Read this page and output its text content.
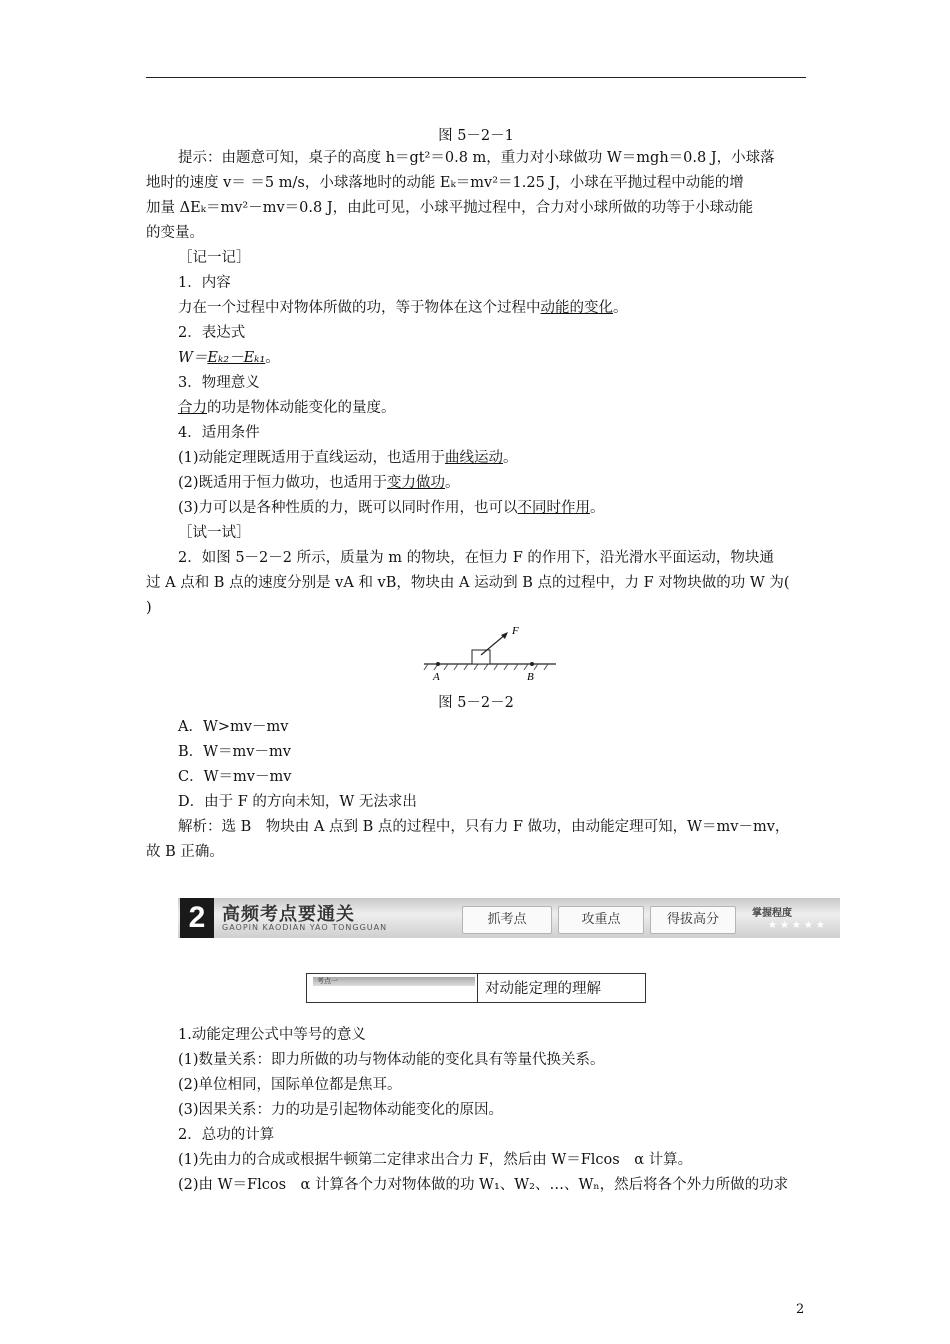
图 5－2－1
提示：由题意可知，桌子的高度 h＝gt²＝0.8 m，重力对小球做功 W＝mgh＝0.8 J，小球落
地时的速度 v＝ ＝5 m/s，小球落地时的动能 Eₖ＝mv²＝1.25 J，小球在平抛过程中动能的增
加量 ΔEₖ＝mv²－mv＝0.8 J，由此可见，小球平抛过程中，合力对小球所做的功等于小球动能
的变量。
［记一记］
1．内容
力在一个过程中对物体所做的功，等于物体在这个过程中动能的变化。
2．表达式
W＝Eₖ₂－Eₖ₁。
3．物理意义
合力的功是物体动能变化的量度。
4．适用条件
(1)动能定理既适用于直线运动，也适用于曲线运动。
(2)既适用于恒力做功，也适用于变力做功。
(3)力可以是各种性质的力，既可以同时作用，也可以不同时作用。
［试一试］
2．如图 5－2－2 所示，质量为 m 的物块，在恒力 F 的作用下，沿光滑水平面运动，物块通
过 A 点和 B 点的速度分别是 vA 和 vB，物块由 A 运动到 B 点的过程中，力 F 对物块做的功 W 为(
)
F
A	B
图 5－2－2
A．W>mv－mv
B．W＝mv－mv
C．W＝mv－mv
D．由于 F 的方向未知，W 无法求出
解析：选 B　物块由 A 点到 B 点的过程中，只有力 F 做功，由动能定理可知，W＝mv－mv，
故 B 正确。
2 高频考点要通关
GAOPIN KAODIAN YAO TONGGUAN
抓考点	攻重点	得拔高分	掌握程度
★★★★★
考点一	对动能定理的理解
1.动能定理公式中等号的意义
(1)数量关系：即力所做的功与物体动能的变化具有等量代换关系。
(2)单位相同，国际单位都是焦耳。
(3)因果关系：力的功是引起物体动能变化的原因。
2．总功的计算
(1)先由力的合成或根据牛顿第二定律求出合力 F，然后由 W＝Flcos　α 计算。
(2)由 W＝Flcos　α 计算各个力对物体做的功 W₁、W₂、…、Wₙ，然后将各个外力所做的功求
2
